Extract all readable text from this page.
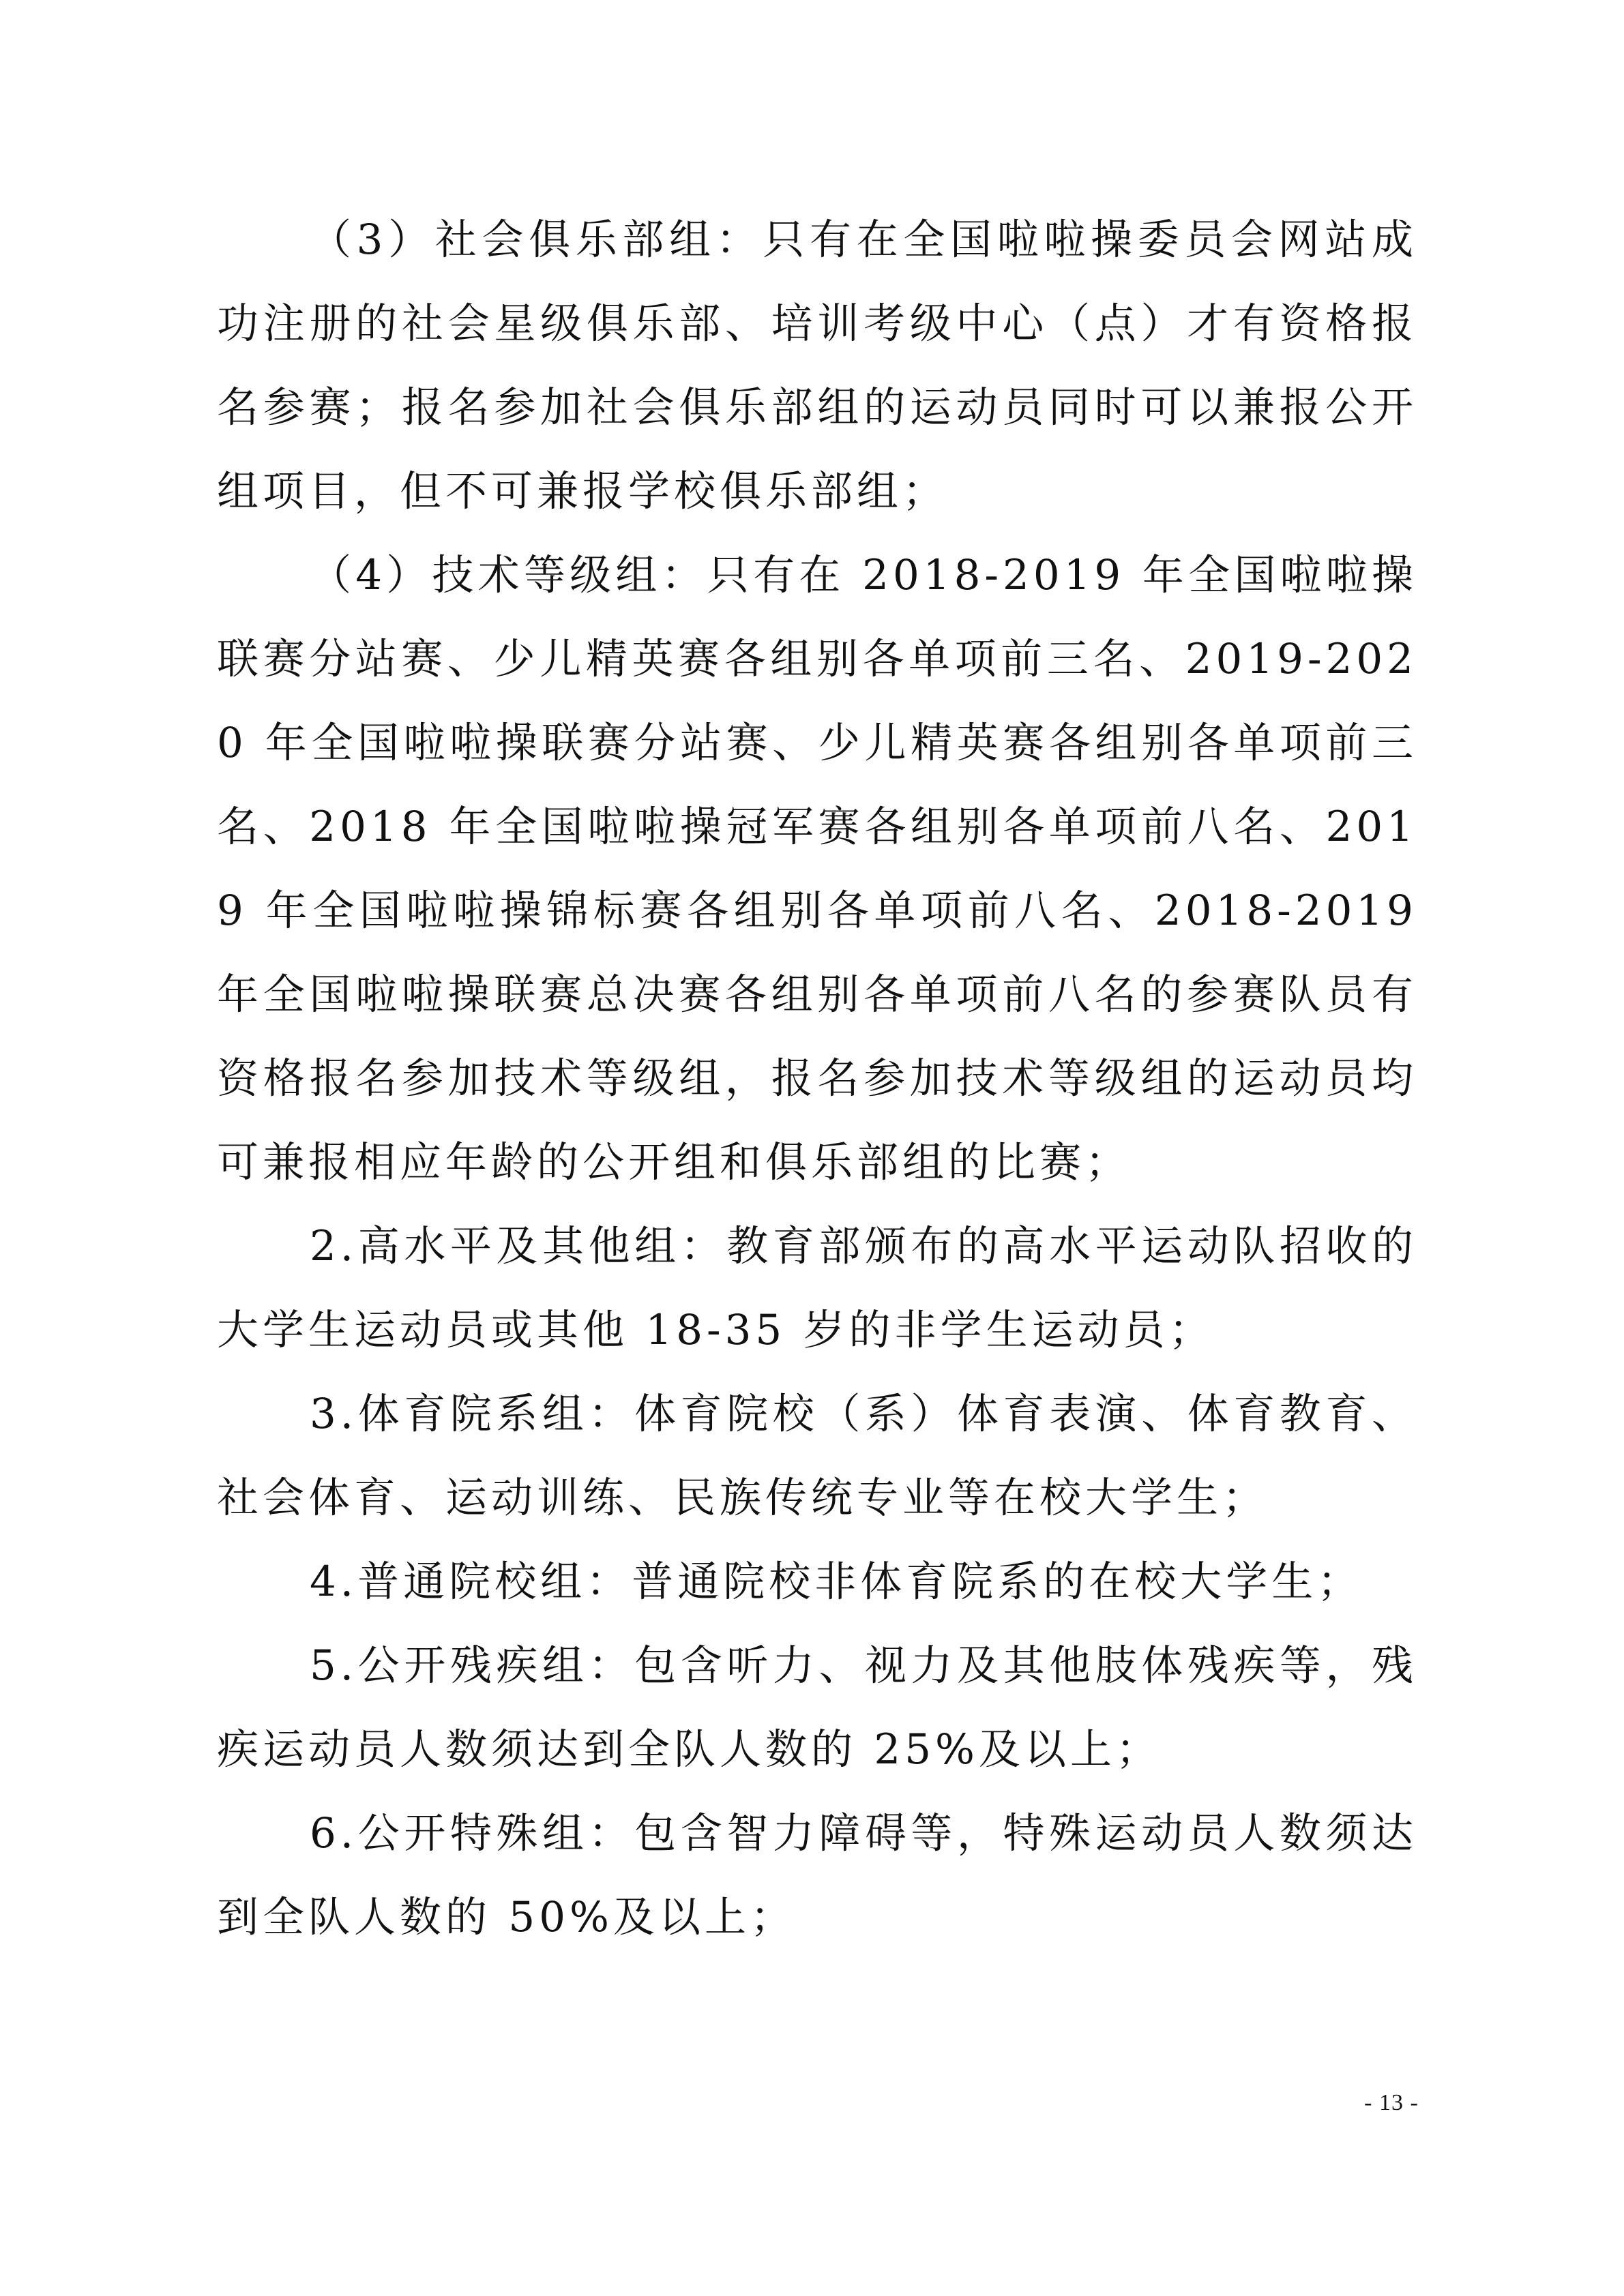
（3）社会俱乐部组：只有在全国啦啦操委员会网站成功注册的社会星级俱乐部、培训考级中心（点）才有资格报名参赛；报名参加社会俱乐部组的运动员同时可以兼报公开组项目，但不可兼报学校俱乐部组；

（4）技术等级组：只有在 2018-2019 年全国啦啦操联赛分站赛、少儿精英赛各组别各单项前三名、2019-2020 年全国啦啦操联赛分站赛、少儿精英赛各组别各单项前三名、2018 年全国啦啦操冠军赛各组别各单项前八名、2019 年全国啦啦操锦标赛各组别各单项前八名、2018-2019 年全国啦啦操联赛总决赛各组别各单项前八名的参赛队员有资格报名参加技术等级组，报名参加技术等级组的运动员均可兼报相应年龄的公开组和俱乐部组的比赛；

2.高水平及其他组：教育部颁布的高水平运动队招收的大学生运动员或其他 18-35 岁的非学生运动员；

3.体育院系组：体育院校（系）体育表演、体育教育、社会体育、运动训练、民族传统专业等在校大学生；

4.普通院校组：普通院校非体育院系的在校大学生；

5.公开残疾组：包含听力、视力及其他肢体残疾等，残疾运动员人数须达到全队人数的 25%及以上；

6.公开特殊组：包含智力障碍等，特殊运动员人数须达到全队人数的 50%及以上；

- 13 -
